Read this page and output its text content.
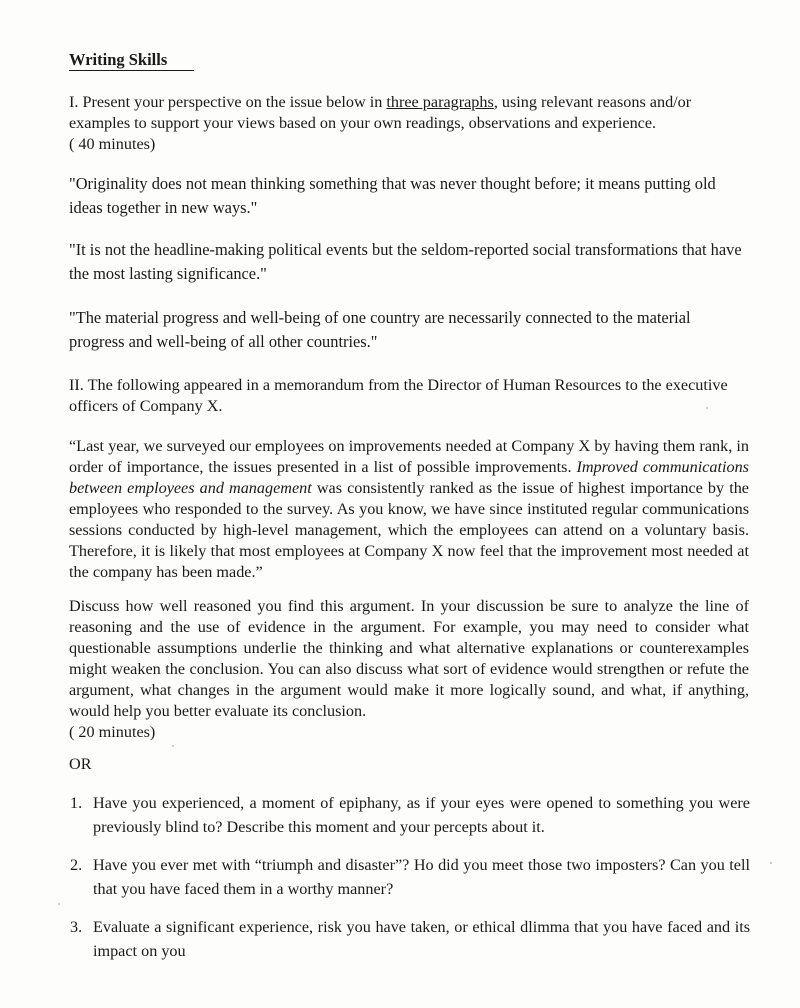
Writing Skills

I. Present your perspective on the issue below in three paragraphs, using relevant reasons and/or examples to support your views based on your own readings, observations and experience.
( 40 minutes)

"Originality does not mean thinking something that was never thought before; it means putting old ideas together in new ways."

"It is not the headline-making political events but the seldom-reported social transformations that have the most lasting significance."

"The material progress and well-being of one country are necessarily connected to the material progress and well-being of all other countries."

II. The following appeared in a memorandum from the Director of Human Resources to the executive officers of Company X.

“Last year, we surveyed our employees on improvements needed at Company X by having them rank, in order of importance, the issues presented in a list of possible improvements. Improved communications between employees and management was consistently ranked as the issue of highest importance by the employees who responded to the survey. As you know, we have since instituted regular communications sessions conducted by high-level management, which the employees can attend on a voluntary basis. Therefore, it is likely that most employees at Company X now feel that the improvement most needed at the company has been made.”

Discuss how well reasoned you find this argument. In your discussion be sure to analyze the line of reasoning and the use of evidence in the argument. For example, you may need to consider what questionable assumptions underlie the thinking and what alternative explanations or counterexamples might weaken the conclusion. You can also discuss what sort of evidence would strengthen or refute the argument, what changes in the argument would make it more logically sound, and what, if anything, would help you better evaluate its conclusion.
( 20 minutes)

OR

1. Have you experienced, a moment of epiphany, as if your eyes were opened to something you were previously blind to? Describe this moment and your percepts about it.
2. Have you ever met with “triumph and disaster”? Ho did you meet those two imposters? Can you tell that you have faced them in a worthy manner?
3. Evaluate a significant experience, risk you have taken, or ethical dlimma that you have faced and its impact on you
